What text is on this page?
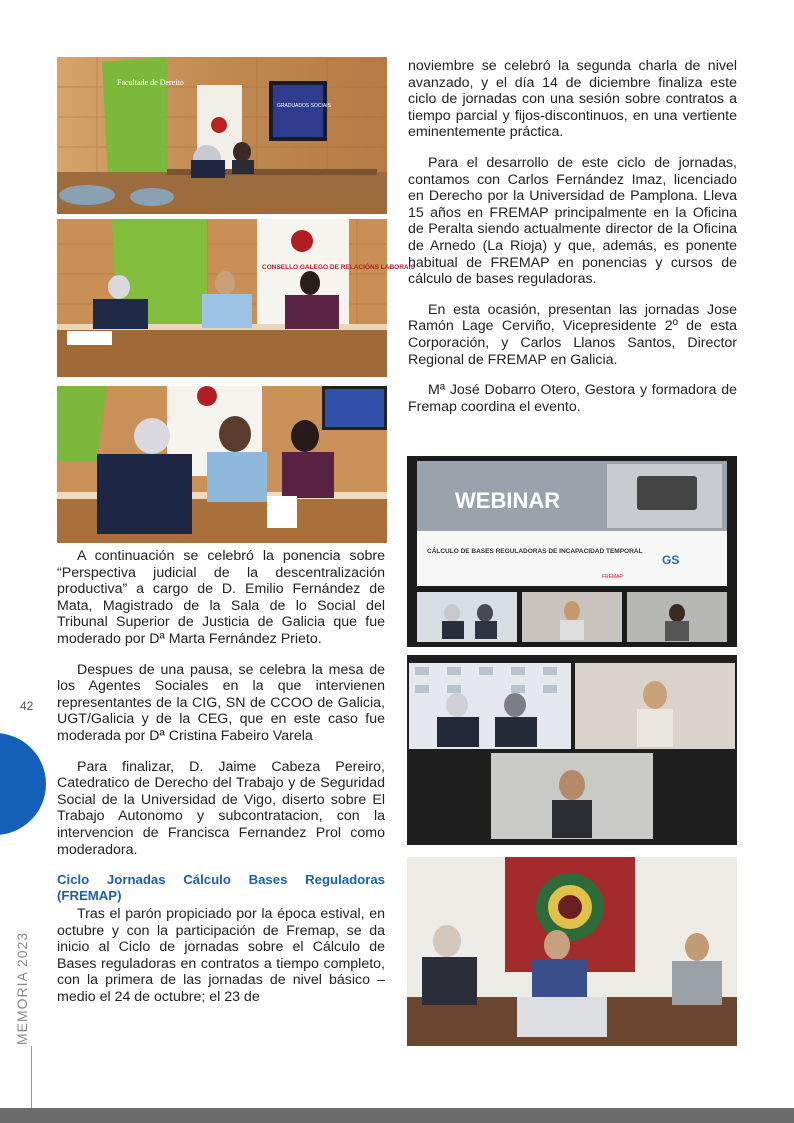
Facultade de Dereito
GRADUADOS SOCIAIS
CONSELLO GALEGO DE RELACIÓNS LABORAIS

A continuación se celebró la ponencia sobre “Perspectiva judicial de la descentralización productiva” a cargo de D. Emilio Fernández de Mata, Magistrado de la Sala de lo Social del Tribunal Superior de Justicia de Galicia que fue moderado por Dª Marta Fernández Prieto.

Despues de una pausa, se celebra la mesa de los Agentes Sociales en la que intervienen representantes de la CIG, SN de CCOO de Galicia, UGT/Galicia y de la CEG, que en este caso fue moderada por Dª Cristina Fabeiro Varela

Para finalizar, D. Jaime Cabeza Pereiro, Catedratico de Derecho del Trabajo y de Seguridad Social de la Universidad de Vigo, diserto sobre El Trabajo Autonomo y subcontratacion, con la intervencion de Francisca Fernandez Prol como moderadora.

Ciclo Jornadas Cálculo Bases Reguladoras (FREMAP)

Tras el parón propiciado por la época estival, en octubre y con la participación de Fremap, se da inicio al Ciclo de jornadas sobre el Cálculo de Bases reguladoras en contratos a tiempo completo, con la primera de las jornadas de nivel básico – medio el 24 de octubre; el 23 de

noviembre se celebró la segunda charla de nivel avanzado, y el día 14 de diciembre finaliza este ciclo de jornadas con una sesión sobre contratos a tiempo parcial y fijos-discontinuos, en una vertiente eminentemente práctica.

Para el desarrollo de este ciclo de jornadas, contamos con Carlos Fernández Imaz, licenciado en Derecho por la Universidad de Pamplona. Lleva 15 años en FREMAP principalmente en la Oficina de Peralta siendo actualmente director de la Oficina de Arnedo (La Rioja) y que, además, es ponente habitual de FREMAP en ponencias y cursos de cálculo de bases reguladoras.

En esta ocasión, presentan las jornadas Jose Ramón Lage Cerviño, Vicepresidente 2º de esta Corporación, y Carlos Llanos Santos, Director Regional de FREMAP en Galicia.

Mª José Dobarro Otero, Gestora y formadora de Fremap coordina el evento.

WEBINAR
CÁLCULO DE BASES REGULADORAS DE INCAPACIDAD TEMPORAL
GS
FREMAP
42
MEMORIA 2023
